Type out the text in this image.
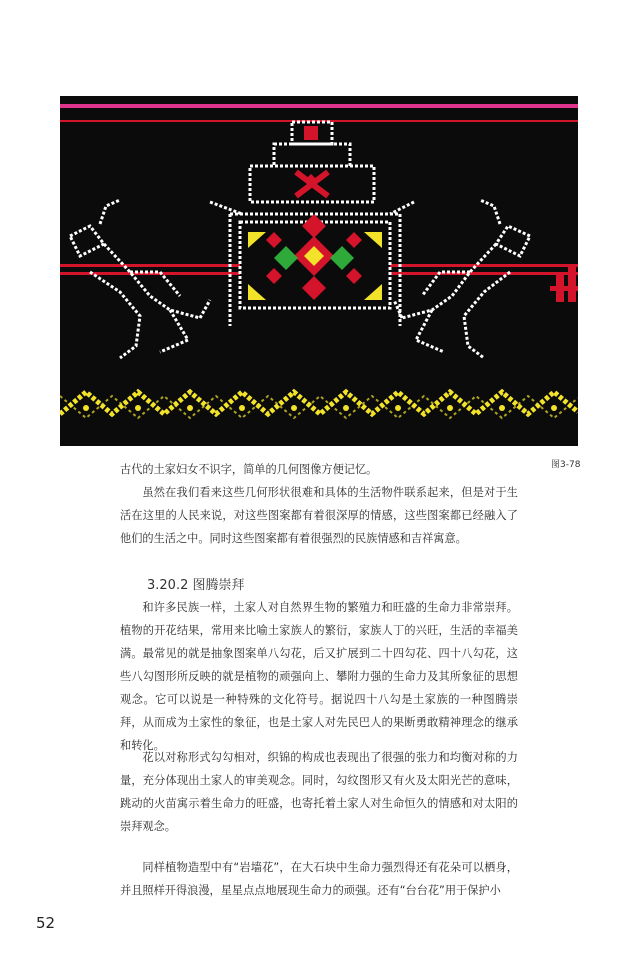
图3-78

古代的土家妇女不识字，简单的几何图像方便记忆。

虽然在我们看来这些几何形状很难和具体的生活物件联系起来，但是对于生活在这里的人民来说，对这些图案都有着很深厚的情感，这些图案都已经融入了他们的生活之中。同时这些图案都有着很强烈的民族情感和吉祥寓意。

3.20.2 图腾崇拜

和许多民族一样，土家人对自然界生物的繁殖力和旺盛的生命力非常崇拜。植物的开花结果，常用来比喻土家族人的繁衍，家族人丁的兴旺，生活的幸福美满。最常见的就是抽象图案单八勾花，后又扩展到二十四勾花、四十八勾花，这些八勾图形所反映的就是植物的顽强向上、攀附力强的生命力及其所象征的思想观念。它可以说是一种特殊的文化符号。据说四十八勾是土家族的一种图腾崇拜，从而成为土家性的象征，也是土家人对先民巴人的果断勇敢精神理念的继承和转化。

花以对称形式勾勾相对，织锦的构成也表现出了很强的张力和均衡对称的力量，充分体现出土家人的审美观念。同时，勾纹图形又有火及太阳光芒的意味，跳动的火苗寓示着生命力的旺盛，也寄托着土家人对生命恒久的情感和对太阳的崇拜观念。

同样植物造型中有“岩墙花”，在大石块中生命力强烈得还有花朵可以栖身，并且照样开得浪漫，星星点点地展现生命力的顽强。还有“台台花”用于保护小

52
